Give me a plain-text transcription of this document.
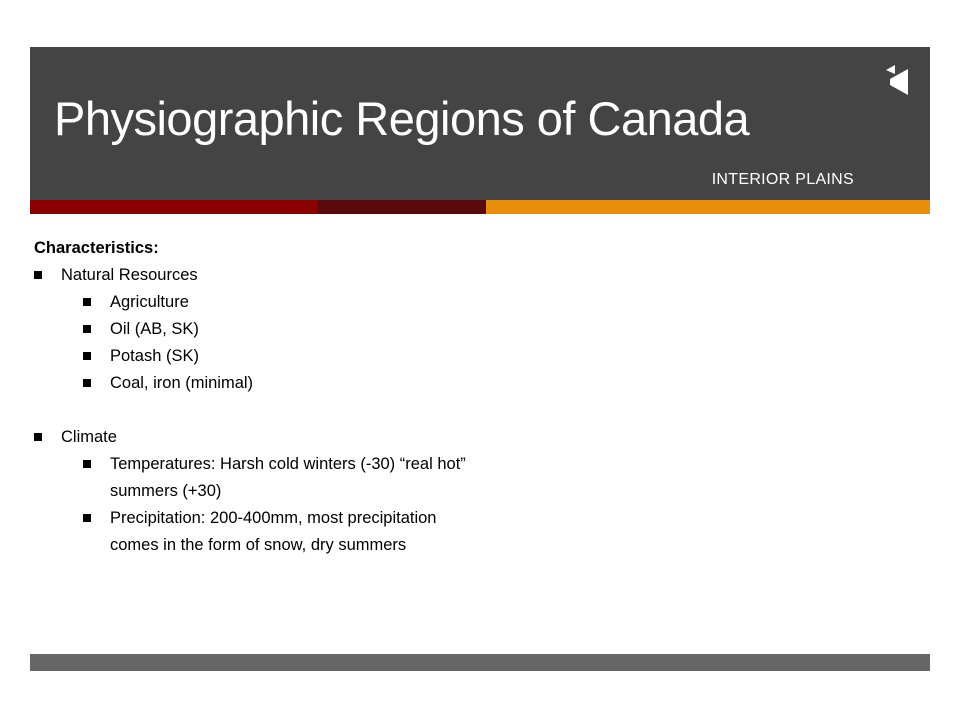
Physiographic Regions of Canada
INTERIOR PLAINS

Characteristics:

Natural Resources

Agriculture

Oil (AB, SK)

Potash (SK)

Coal, iron (minimal)

Climate

Temperatures: Harsh cold winters (-30) “real hot” summers (+30)

Precipitation: 200-400mm, most precipitation comes in the form of snow, dry summers
